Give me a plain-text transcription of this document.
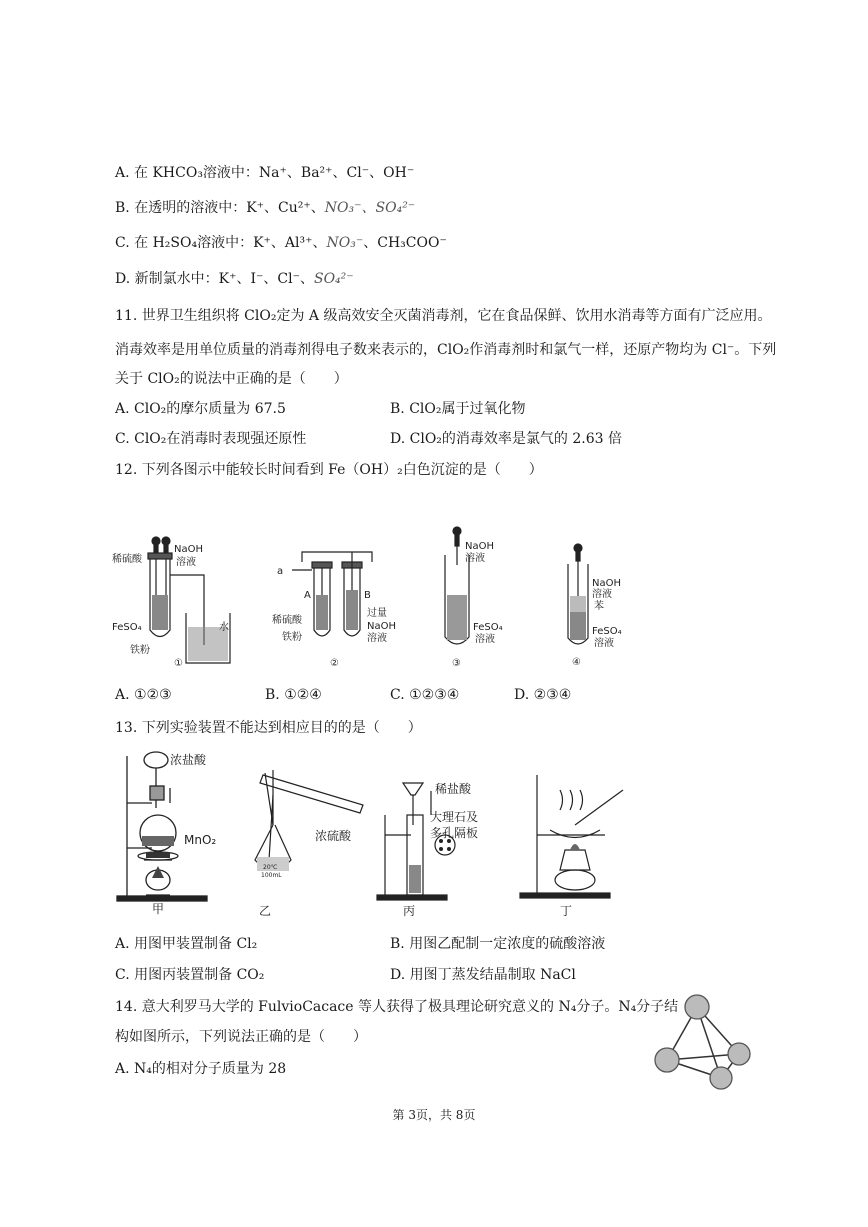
A. 在 KHCO₃溶液中：Na⁺、Ba²⁺、Cl⁻、OH⁻
B. 在透明的溶液中：K⁺、Cu²⁺、NO₃⁻、SO₄²⁻
C. 在 H₂SO₄溶液中：K⁺、Al³⁺、NO₃⁻、CH₃COO⁻
D. 新制氯水中：K⁺、I⁻、Cl⁻、SO₄²⁻
11. 世界卫生组织将 ClO₂定为 A 级高效安全灭菌消毒剂，它在食品保鲜、饮用水消毒等方面有广泛应用。
消毒效率是用单位质量的消毒剂得电子数来表示的，ClO₂作消毒剂时和氯气一样，还原产物均为 Cl⁻。下列
关于 ClO₂的说法中正确的是（　　）
A. ClO₂的摩尔质量为 67.5	B. ClO₂属于过氧化物
C. ClO₂在消毒时表现强还原性	D. ClO₂的消毒效率是氯气的 2.63 倍
12. 下列各图示中能较长时间看到 Fe（OH）₂白色沉淀的是（　　）
稀硫酸
NaOH
溶液
FeSO₄
铁粉
水
①
a
A	B
过量
稀硫酸
NaOH
铁粉	溶液
②
NaOH
溶液
FeSO₄
溶液
③
NaOH
溶液
苯
FeSO₄
溶液
④
A. ①②③	B. ①②④	C. ①②③④	D. ②③④
13. 下列实验装置不能达到相应目的的是（　　）
浓盐酸
MnO₂
甲
20℃
100mL
浓硫酸
乙
稀盐酸
大理石及
多孔隔板
丙	丁
A. 用图甲装置制备 Cl₂	B. 用图乙配制一定浓度的硫酸溶液
C. 用图丙装置制备 CO₂	D. 用图丁蒸发结晶制取 NaCl
14. 意大利罗马大学的 FulvioCacace 等人获得了极具理论研究意义的 N₄分子。N₄分子结
构如图所示，下列说法正确的是（　　）
A. N₄的相对分子质量为 28
第 3页，共 8页
